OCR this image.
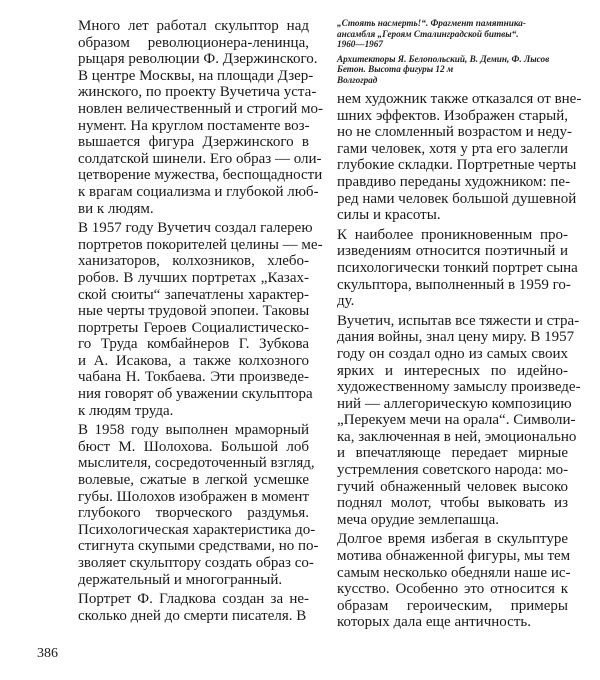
„Стоять насмерть!“. Фрагмент памятника-
ансамбля „Героям Сталинградской битвы“.
1960—1967
Архитекторы Я. Белопольский, В. Демин, Ф. Лысов
Бетон. Высота фигуры 12 м
Волгоград
Много лет работал скульптор над
образом революционера-ленинца,
рыцаря революции Ф. Дзержинского.
В центре Москвы, на площади Дзер-
жинского, по проекту Вучетича уста-
новлен величественный и строгий мо-
нумент. На круглом постаменте воз-
вышается фигура Дзержинского в
солдатской шинели. Его образ — оли-
цетворение мужества, беспощадности
к врагам социализма и глубокой люб-
ви к людям.
В 1957 году Вучетич создал галерею
портретов покорителей целины — ме-
ханизаторов, колхозников, хлебо-
робов. В лучших портретах „Казах-
ской сюиты“ запечатлены характер-
ные черты трудовой эпопеи. Таковы
портреты Героев Социалистическо-
го Труда комбайнеров Г. Зубкова
и А. Исакова, а также колхозного
чабана Н. Токбаева. Эти произведе-
ния говорят об уважении скульптора
к людям труда.
В 1958 году выполнен мраморный
бюст М. Шолохова. Большой лоб
мыслителя, сосредоточенный взгляд,
волевые, сжатые в легкой усмешке
губы. Шолохов изображен в момент
глубокого творческого раздумья.
Психологическая характеристика до-
стигнута скупыми средствами, но по-
зволяет скульптору создать образ со-
держательный и многогранный.
Портрет Ф. Гладкова создан за не-
сколько дней до смерти писателя. В
нем художник также отказался от вне-
шних эффектов. Изображен старый,
но не сломленный возрастом и неду-
гами человек, хотя у рта его залегли
глубокие складки. Портретные черты
правдиво переданы художником: пе-
ред нами человек большой душевной
силы и красоты.
К наиболее проникновенным про-
изведениям относится поэтичный и
психологически тонкий портрет сына
скульптора, выполненный в 1959 го-
ду.
Вучетич, испытав все тяжести и стра-
дания войны, знал цену миру. В 1957
году он создал одно из самых своих
ярких и интересных по идейно-
художественному замыслу произведе-
ний — аллегорическую композицию
„Перекуем мечи на орала“. Символи-
ка, заключенная в ней, эмоционально
и впечатляюще передает мирные
устремления советского народа: мо-
гучий обнаженный человек высоко
поднял молот, чтобы выковать из
меча орудие землепашца.
Долгое время избегая в скульптуре
мотива обнаженной фигуры, мы тем
самым несколько обедняли наше ис-
кусство. Особенно это относится к
образам героическим, примеры
которых дала еще античность.
386
